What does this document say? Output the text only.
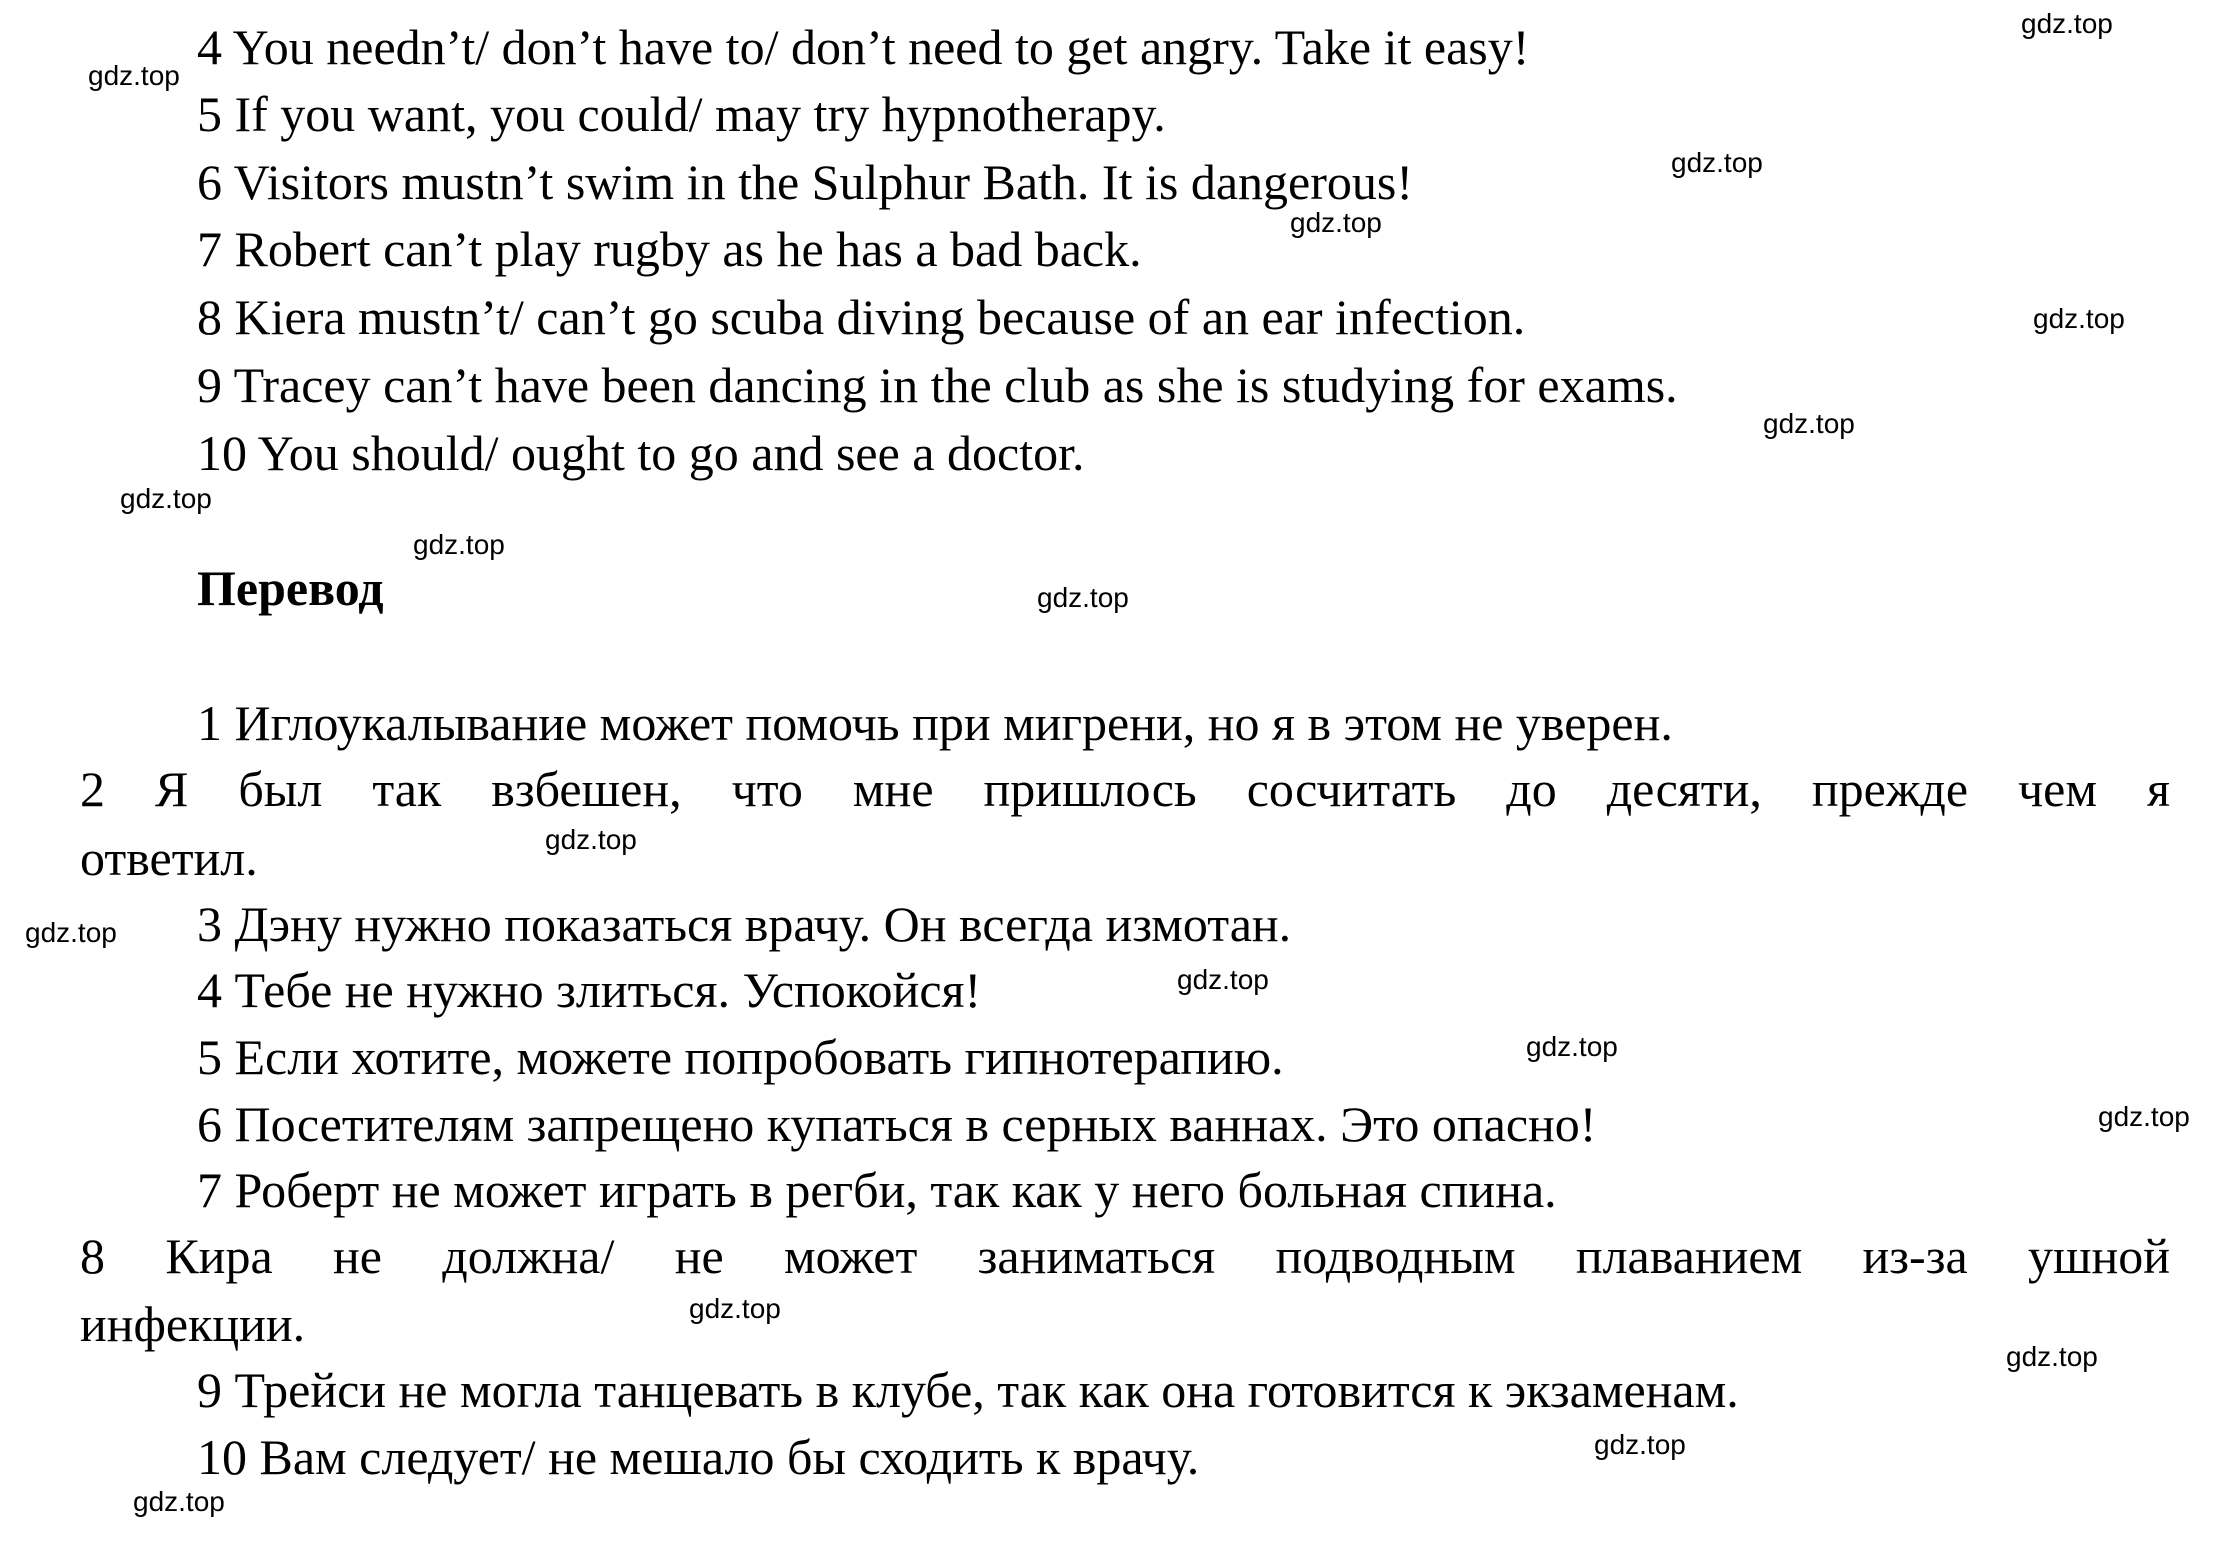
4 You needn’t/ don’t have to/ don’t need to get angry. Take it easy!
5 If you want, you could/ may try hypnotherapy.
6 Visitors mustn’t swim in the Sulphur Bath. It is dangerous!
7 Robert can’t play rugby as he has a bad back.
8 Kiera mustn’t/ can’t go scuba diving because of an ear infection.
9 Tracey can’t have been dancing in the club as she is studying for exams.
10 You should/ ought to go and see a doctor.
Перевод
1 Иглоукалывание может помочь при мигрени, но я в этом не уверен.
2 Я был так взбешен, что мне пришлось сосчитать до десяти, прежде чем я
ответил.
3 Дэну нужно показаться врачу. Он всегда измотан.
4 Тебе не нужно злиться. Успокойся!
5 Если хотите, можете попробовать гипнотерапию.
6 Посетителям запрещено купаться в серных ваннах. Это опасно!
7 Роберт не может играть в регби, так как у него больная спина.
8 Кира не должна/ не может заниматься подводным плаванием из-за ушной
инфекции.
9 Трейси не могла танцевать в клубе, так как она готовится к экзаменам.
10 Вам следует/ не мешало бы сходить к врачу.
gdz.top
gdz.top
gdz.top
gdz.top
gdz.top
gdz.top
gdz.top
gdz.top
gdz.top
gdz.top
gdz.top
gdz.top
gdz.top
gdz.top
gdz.top
gdz.top
gdz.top
gdz.top
